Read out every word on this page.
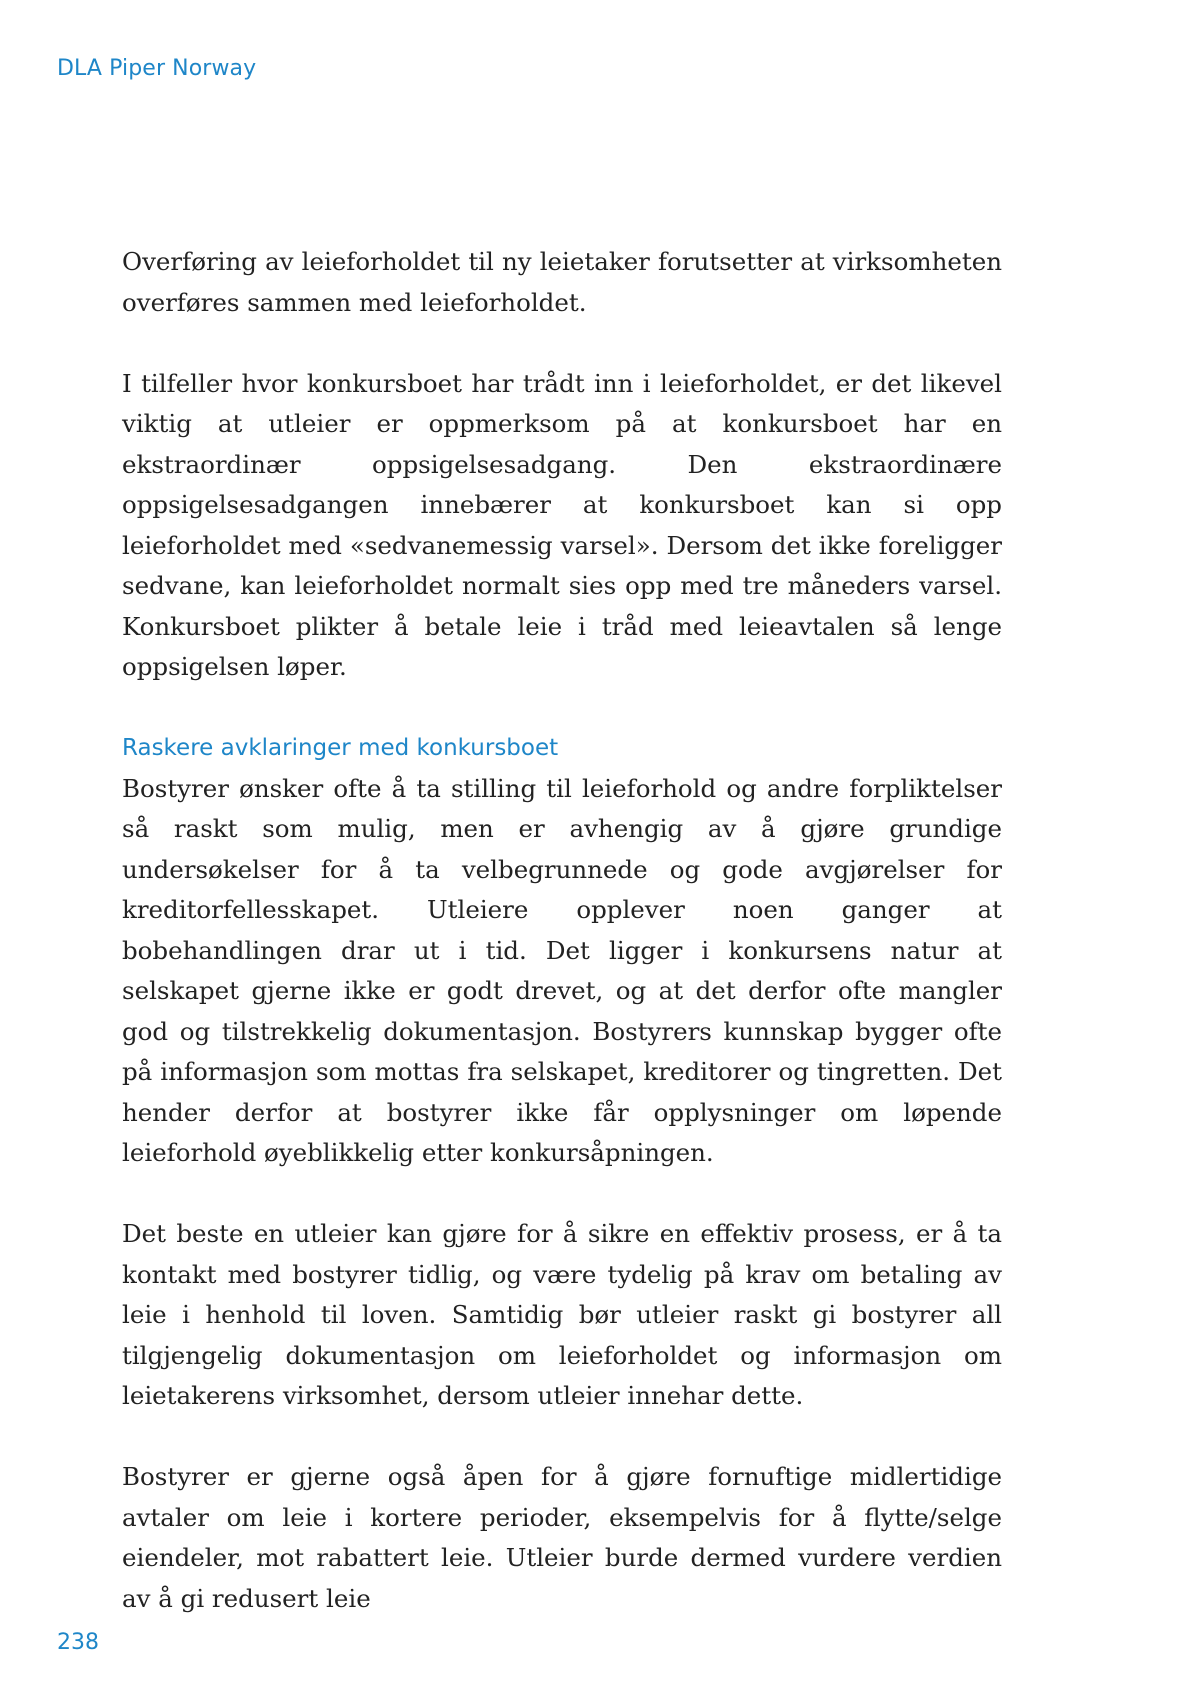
DLA Piper Norway

Overføring av leieforholdet til ny leietaker forutsetter at virksomheten overføres sammen med leieforholdet.

I tilfeller hvor konkursboet har trådt inn i leieforholdet, er det likevel viktig at utleier er oppmerksom på at konkursboet har en ekstraordinær oppsigelsesadgang. Den ekstraordinære oppsigelsesadgangen innebærer at konkursboet kan si opp leieforholdet med «sedvanemessig varsel». Dersom det ikke foreligger sedvane, kan leieforholdet normalt sies opp med tre måneders varsel. Konkursboet plikter å betale leie i tråd med leieavtalen så lenge oppsigelsen løper.

Raskere avklaringer med konkursboet

Bostyrer ønsker ofte å ta stilling til leieforhold og andre forpliktelser så raskt som mulig, men er avhengig av å gjøre grundige undersøkelser for å ta velbegrunnede og gode avgjørelser for kreditorfellesskapet. Utleiere opplever noen ganger at bobehandlingen drar ut i tid. Det ligger i konkursens natur at selskapet gjerne ikke er godt drevet, og at det derfor ofte mangler god og tilstrekkelig dokumentasjon. Bostyrers kunnskap bygger ofte på informasjon som mottas fra selskapet, kreditorer og tingretten. Det hender derfor at bostyrer ikke får opplysninger om løpende leieforhold øyeblikkelig etter konkursåpningen.

Det beste en utleier kan gjøre for å sikre en effektiv prosess, er å ta kontakt med bostyrer tidlig, og være tydelig på krav om betaling av leie i henhold til loven. Samtidig bør utleier raskt gi bostyrer all tilgjengelig dokumentasjon om leieforholdet og informasjon om leietakerens virksomhet, dersom utleier innehar dette.

Bostyrer er gjerne også åpen for å gjøre fornuftige midlertidige avtaler om leie i kortere perioder, eksempelvis for å flytte/selge eiendeler, mot rabattert leie. Utleier burde dermed vurdere verdien av å gi redusert leie

238
